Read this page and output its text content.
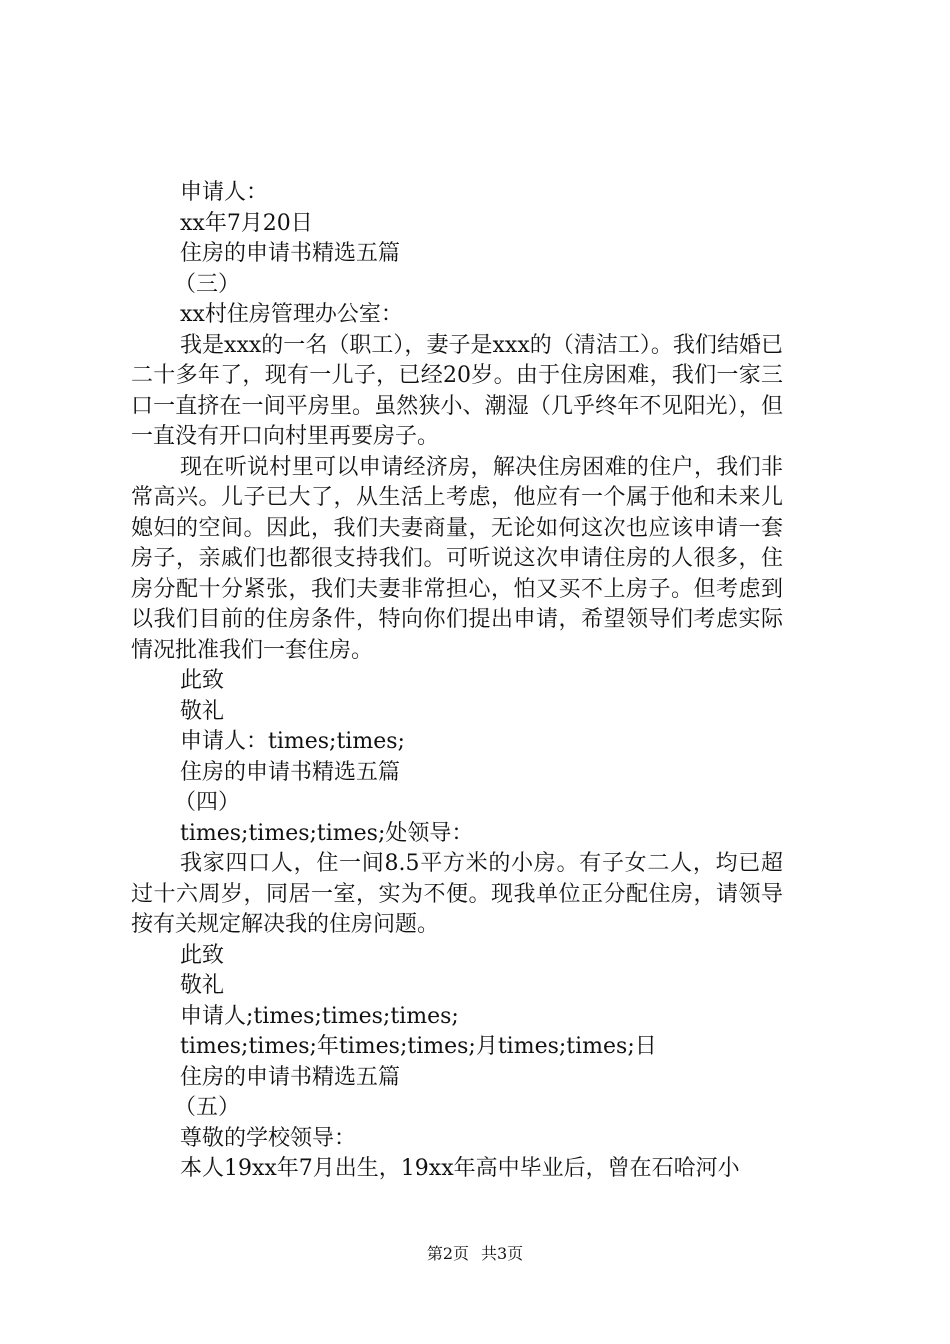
申请人：
xx年7月20日
住房的申请书精选五篇
（三）
xx村住房管理办公室：
我是xxx的一名（职工），妻子是xxx的（清洁工）。我们结婚已二十多年了，现有一儿子，已经20岁。由于住房困难，我们一家三口一直挤在一间平房里。虽然狭小、潮湿（几乎终年不见阳光），但一直没有开口向村里再要房子。
现在听说村里可以申请经济房，解决住房困难的住户，我们非常高兴。儿子已大了，从生活上考虑，他应有一个属于他和未来儿媳妇的空间。因此，我们夫妻商量，无论如何这次也应该申请一套房子，亲戚们也都很支持我们。可听说这次申请住房的人很多，住房分配十分紧张，我们夫妻非常担心，怕又买不上房子。但考虑到以我们目前的住房条件，特向你们提出申请，希望领导们考虑实际情况批准我们一套住房。
此致
敬礼
申请人：times;times;
住房的申请书精选五篇
（四）
times;times;times;处领导：
我家四口人，住一间8.5平方米的小房。有子女二人，均已超过十六周岁，同居一室，实为不便。现我单位正分配住房，请领导按有关规定解决我的住房问题。
此致
敬礼
申请人;times;times;times;
times;times;年times;times;月times;times;日
住房的申请书精选五篇
（五）
尊敬的学校领导：
本人19xx年7月出生，19xx年高中毕业后，曾在石哈河小
第2页 共3页
